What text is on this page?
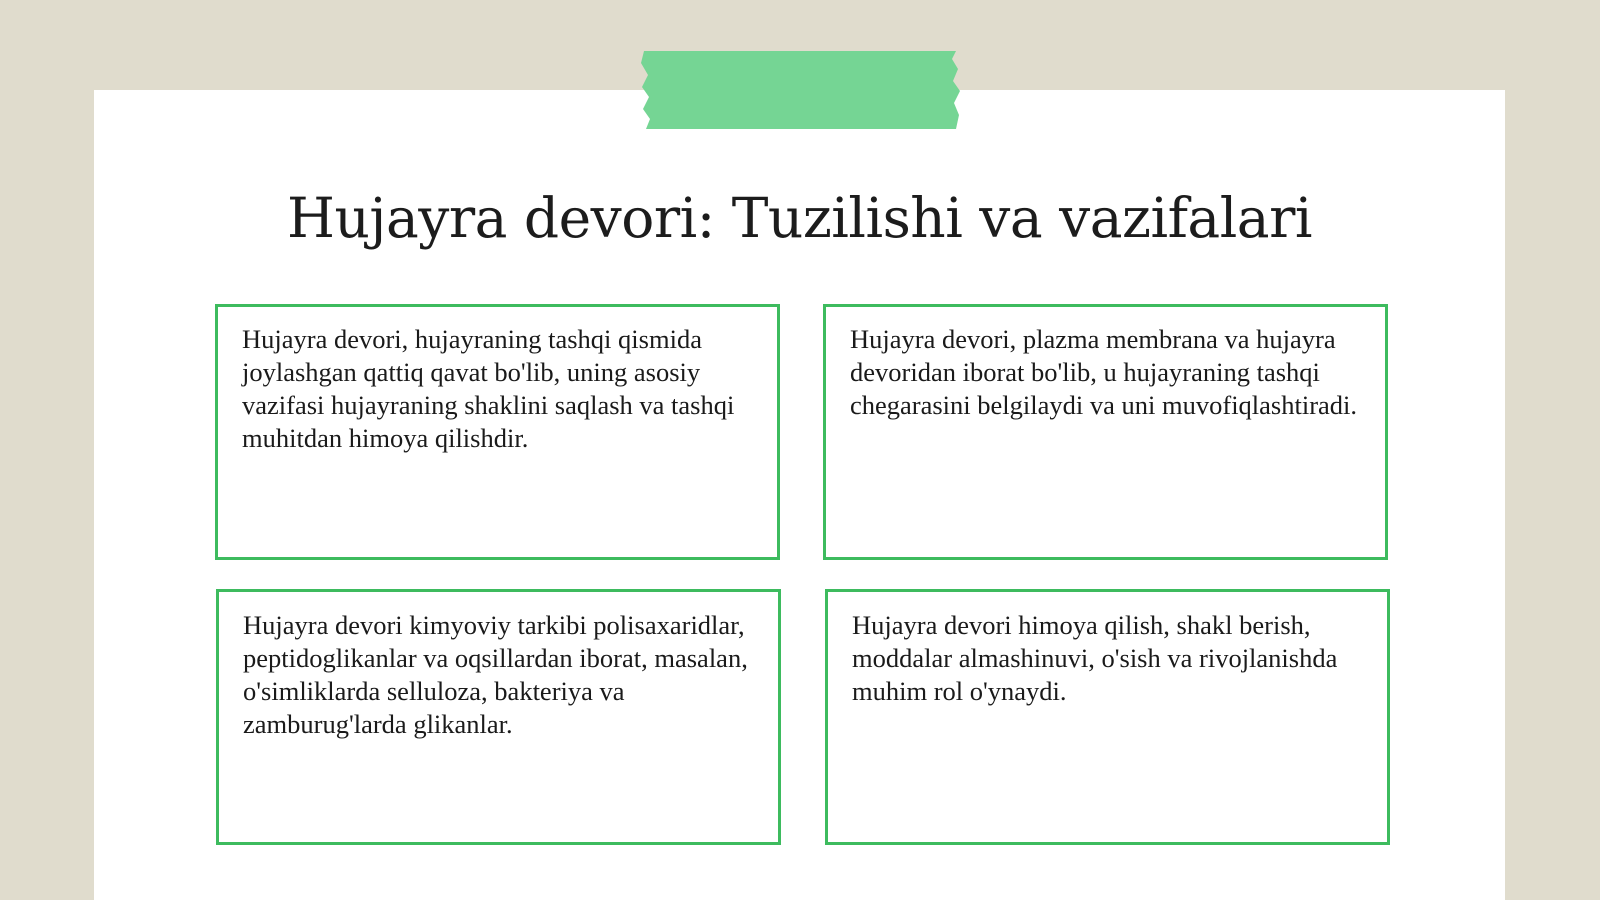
Hujayra devori: Tuzilishi va vazifalari

Hujayra devori, hujayraning tashqi qismida joylashgan qattiq qavat bo'lib, uning asosiy vazifasi hujayraning shaklini saqlash va tashqi muhitdan himoya qilishdir.

Hujayra devori, plazma membrana va hujayra devoridan iborat bo'lib, u hujayraning tashqi chegarasini belgilaydi va uni muvofiqlashtiradi.

Hujayra devori kimyoviy tarkibi polisaxaridlar, peptidoglikanlar va oqsillardan iborat, masalan, o'simliklarda selluloza, bakteriya va zamburug'larda glikanlar.

Hujayra devori himoya qilish, shakl berish, moddalar almashinuvi, o'sish va rivojlanishda muhim rol o'ynaydi.
